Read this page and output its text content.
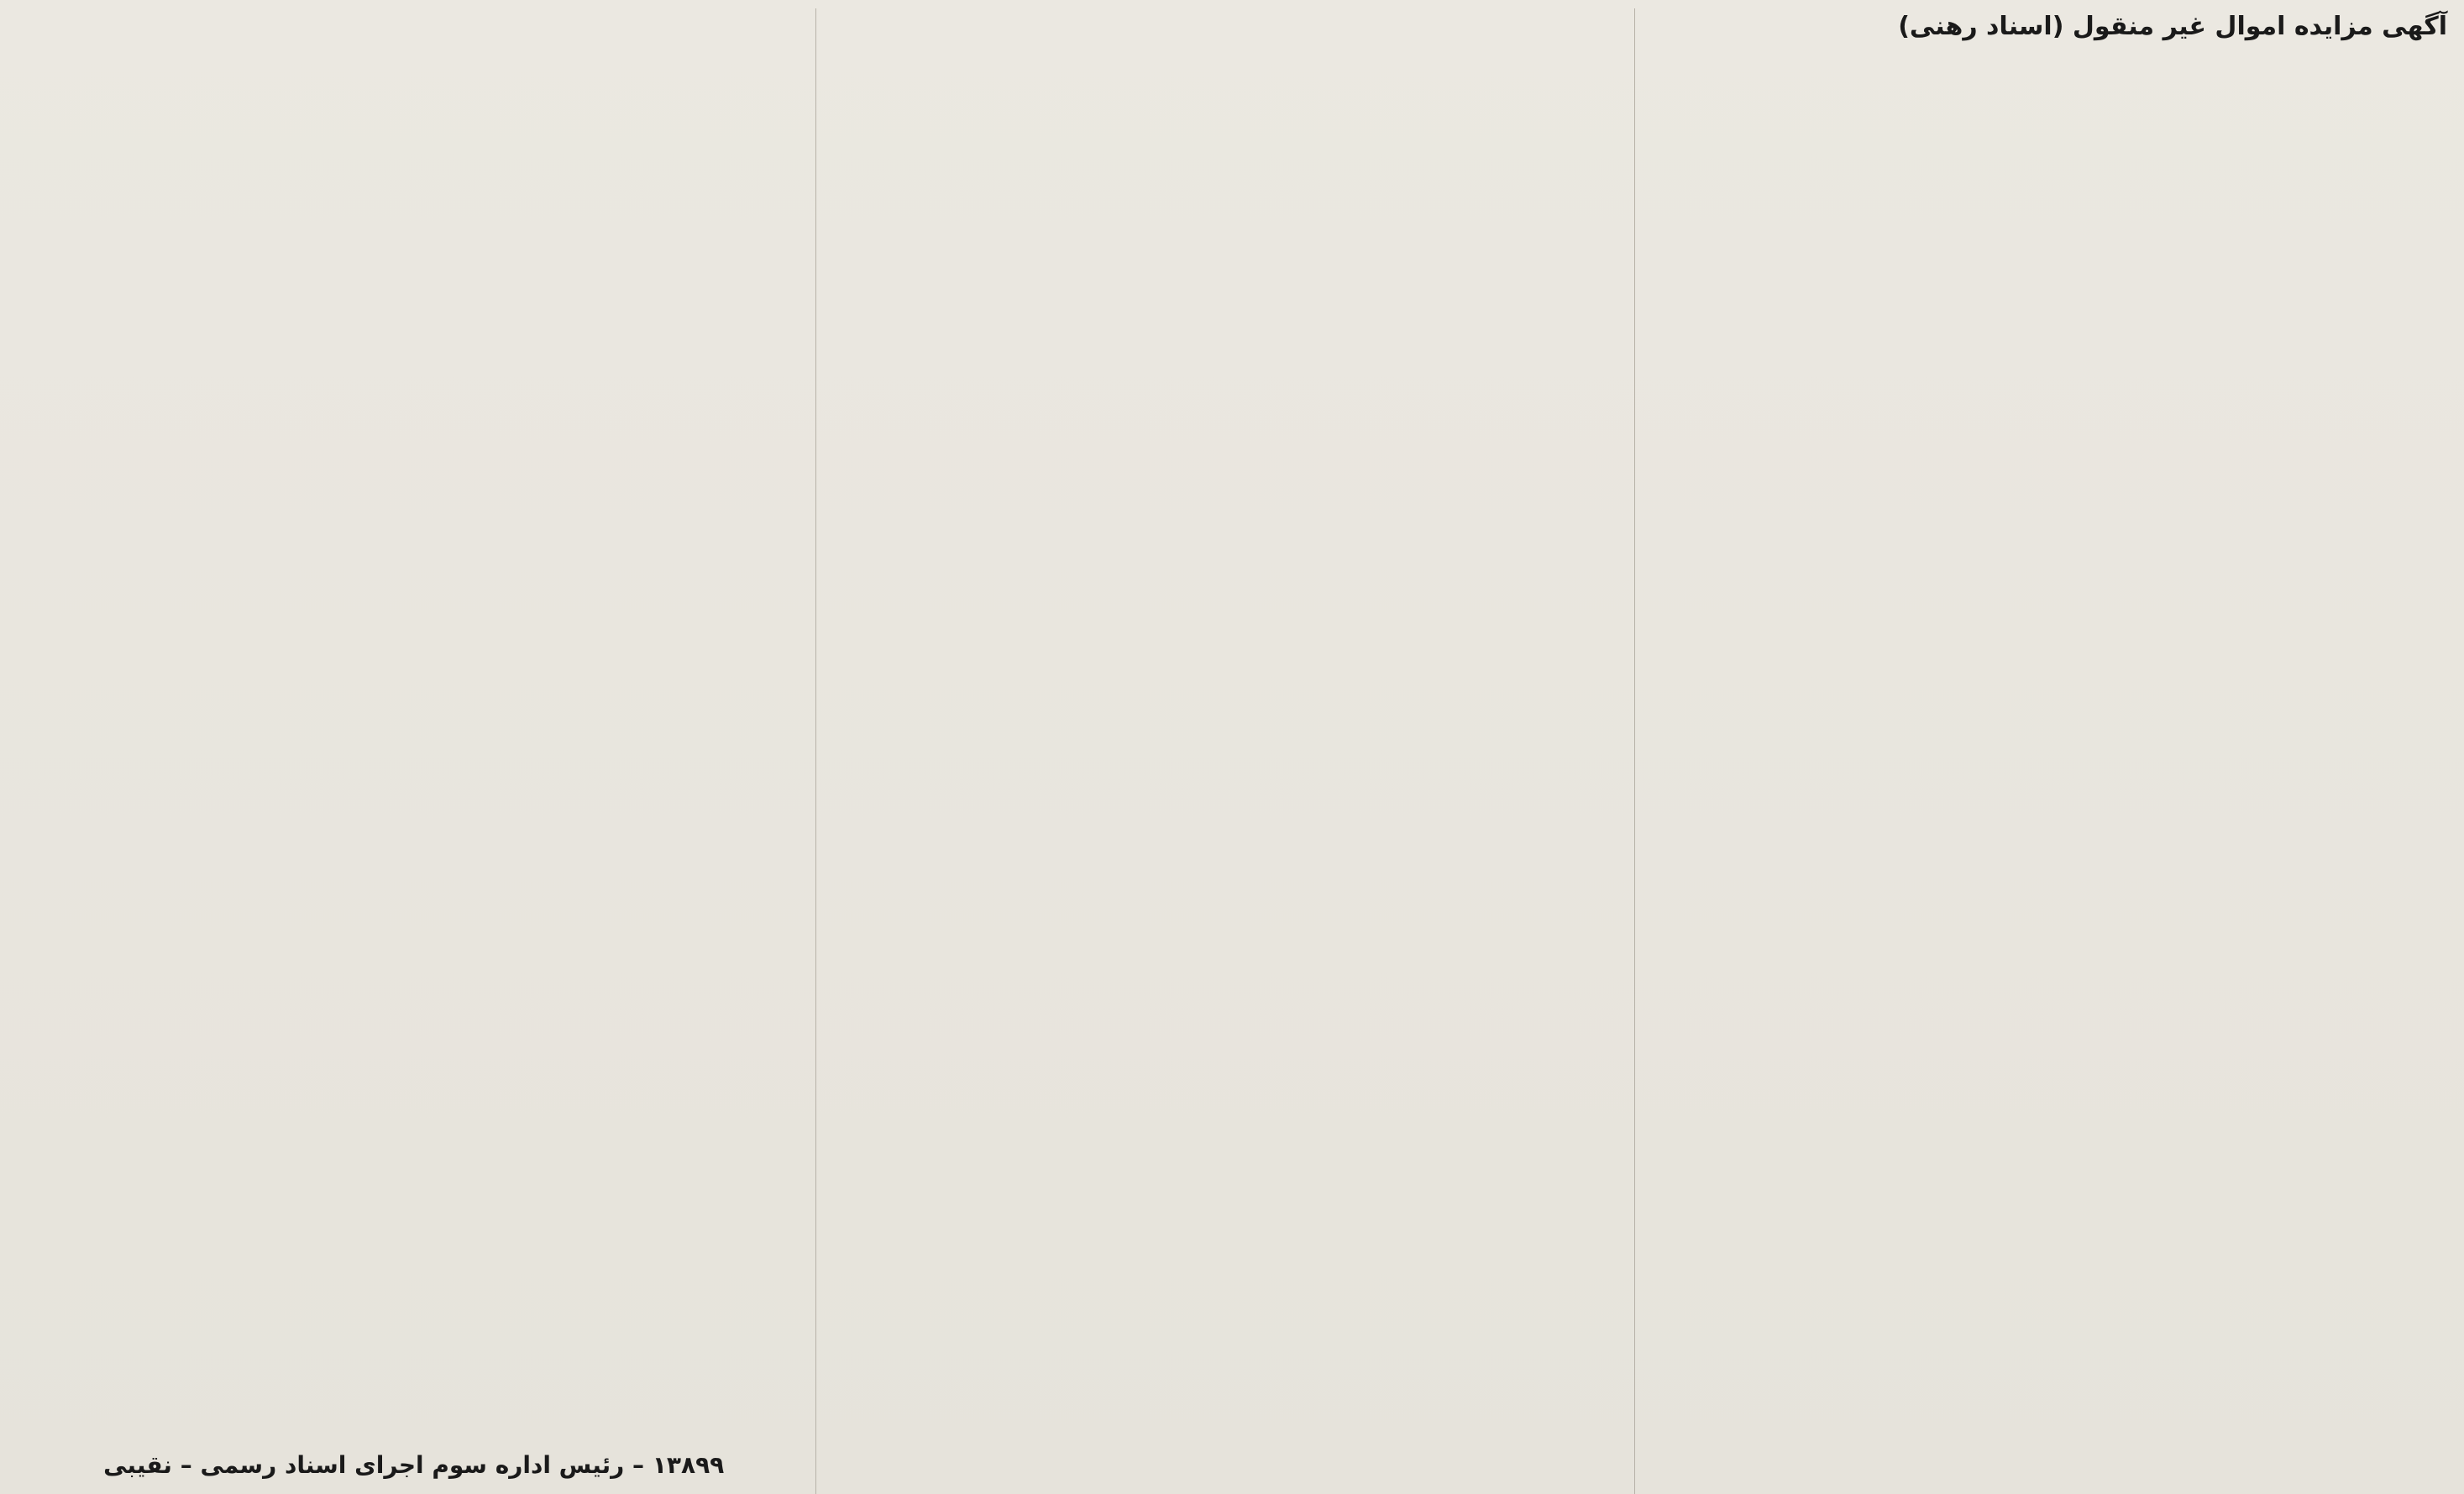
آگهی مزایده اموال غیر منقول (اسناد رهنی)

۱۳۸۹۹ – رئیس اداره سوم اجرای اسناد رسمی – نقیبی
